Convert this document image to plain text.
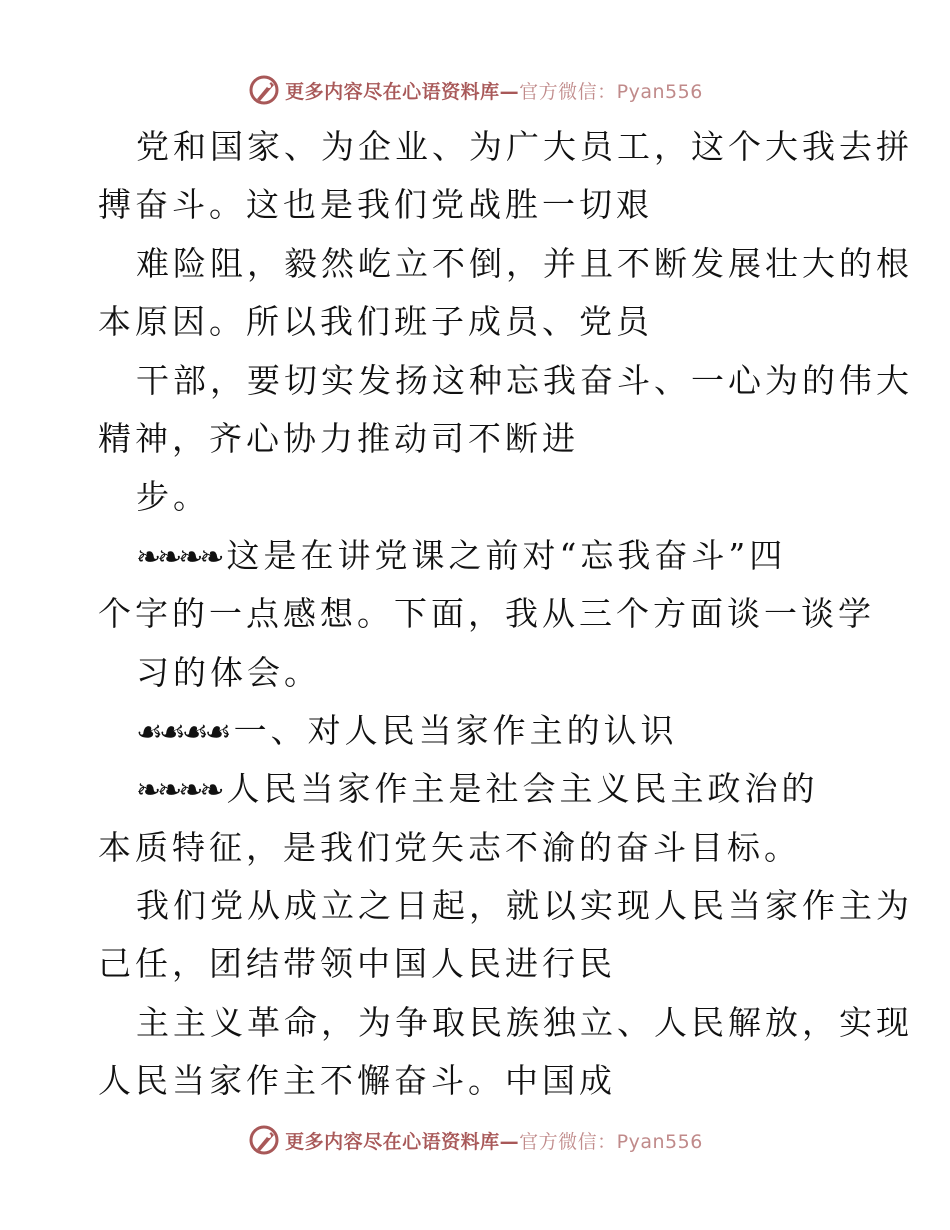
更多内容尽在心语资料库—官方微信：Pyan556
党和国家、为企业、为广大员工，这个大我去拼
搏奋斗。这也是我们党战胜一切艰
难险阻，毅然屹立不倒，并且不断发展壮大的根
本原因。所以我们班子成员、党员
干部，要切实发扬这种忘我奋斗、一心为的伟大
精神，齐心协力推动司不断进
步。
❧❧❧❧ 这是在讲党课之前对“忘我奋斗”四
个字的一点感想。下面，我从三个方面谈一谈学
习的体会。
☙☙☙☙ 一、对人民当家作主的认识
❧❧❧❧ 人民当家作主是社会主义民主政治的
本质特征，是我们党矢志不渝的奋斗目标。
我们党从成立之日起，就以实现人民当家作主为
己任，团结带领中国人民进行民
主主义革命，为争取民族独立、人民解放，实现
人民当家作主不懈奋斗。中国成
更多内容尽在心语资料库—官方微信：Pyan556
